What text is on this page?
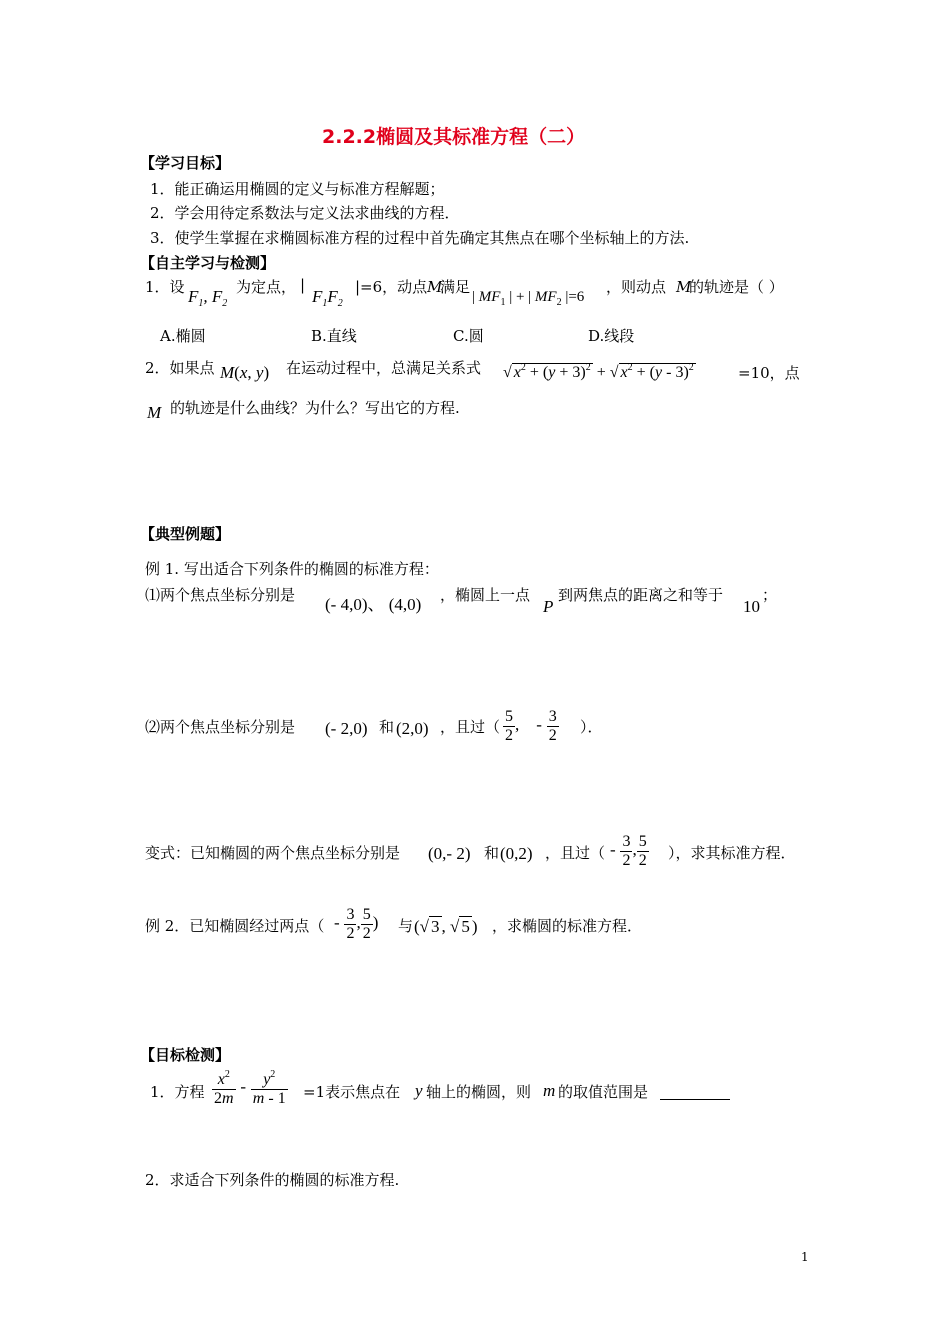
2.2.2椭圆及其标准方程（二）
【学习目标】
1．能正确运用椭圆的定义与标准方程解题；
2．学会用待定系数法与定义法求曲线的方程．
3．使学生掌握在求椭圆标准方程的过程中首先确定其焦点在哪个坐标轴上的方法.
【自主学习与检测】
1．设 $F_1$, $F_2$
为定点， |
$F_1F_2$
|=6，动点 M
满足
| $MF_1$ | + | $MF_2$ |=6
，则动点 M
的轨迹是（ ）
A.椭圆	B.直线	C.圆	D.线段
2．如果点 M(x, y) 在运动过程中，总满足关系式 √ $x^2 + (y + 3)^2$ + √ $x^2 + (y - 3)^2$	=10，点
M 的轨迹是什么曲线？为什么？写出它的方程.
【典型例题】
例 1. 写出适合下列条件的椭圆的标准方程：
⑴两个焦点坐标分别是 (- 4,0)、 (4,0) ，椭圆上一点
P
到两焦点的距离之和等于
10
；
⑵两个焦点坐标分别是 (- 2,0) 和 (2,0) ，且过（ $\frac{5}{2}$ ,    - $\frac{3}{2}$ ）．
变式：已知椭圆的两个焦点坐标分别是 (0,- 2) 和 (0,2) ，且过（ - $\frac{3}{2}$ , $\frac{5}{2}$ ），求其标准方程．
例 2．已知椭圆经过两点（ - $\frac{3}{2}$ , $\frac{5}{2}$ ) 与 (√ 3 , √ 5 ) ，求椭圆的标准方程．
【目标检测】
1．方程 $\frac{x^2}{2m} - \frac{y^2}{m - 1} =1$表示焦点在 y 轴上的椭圆，则 m 的取值范围是
2．求适合下列条件的椭圆的标准方程.
1
